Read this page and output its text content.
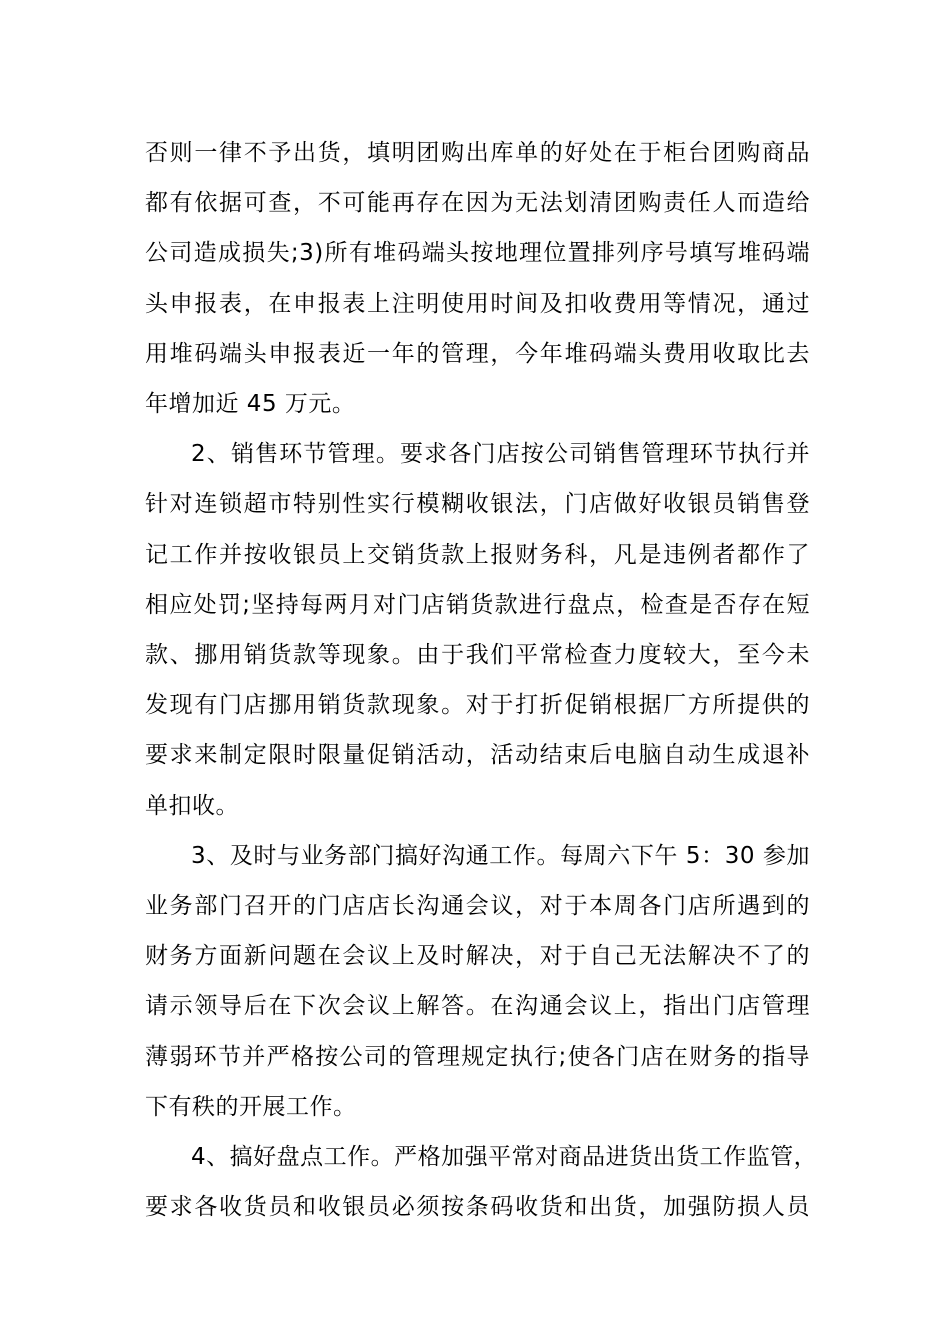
否则一律不予出货，填明团购出库单的好处在于柜台团购商品
都有依据可查，不可能再存在因为无法划清团购责任人而造给
公司造成损失;3)所有堆码端头按地理位置排列序号填写堆码端
头申报表，在申报表上注明使用时间及扣收费用等情况，通过
用堆码端头申报表近一年的管理，今年堆码端头费用收取比去
年增加近 45 万元。

2、销售环节管理。要求各门店按公司销售管理环节执行并
针对连锁超市特别性实行模糊收银法，门店做好收银员销售登
记工作并按收银员上交销货款上报财务科，凡是违例者都作了
相应处罚;坚持每两月对门店销货款进行盘点，检查是否存在短
款、挪用销货款等现象。由于我们平常检查力度较大，至今未
发现有门店挪用销货款现象。对于打折促销根据厂方所提供的
要求来制定限时限量促销活动，活动结束后电脑自动生成退补
单扣收。

3、及时与业务部门搞好沟通工作。每周六下午 5：30 参加
业务部门召开的门店店长沟通会议，对于本周各门店所遇到的
财务方面新问题在会议上及时解决，对于自己无法解决不了的
请示领导后在下次会议上解答。在沟通会议上，指出门店管理
薄弱环节并严格按公司的管理规定执行;使各门店在财务的指导
下有秩的开展工作。

4、搞好盘点工作。严格加强平常对商品进货出货工作监管，
要求各收货员和收银员必须按条码收货和出货，加强防损人员
